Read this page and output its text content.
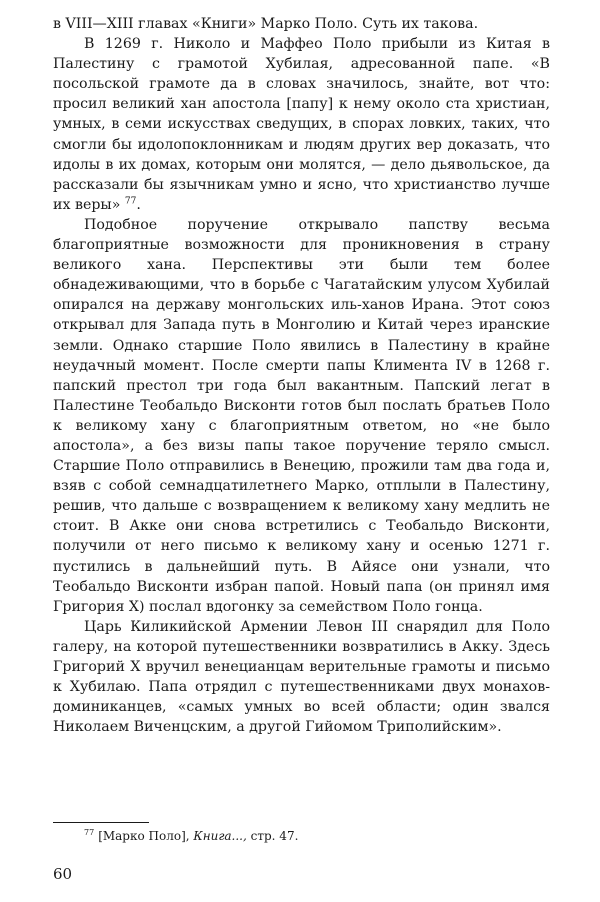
в VIII—XIII главах «Книги» Марко Поло. Суть их такова.

В 1269 г. Николо и Маффео Поло прибыли из Китая в Палестину с грамотой Хубилая, адресованной папе. «В посольской грамоте да в словах значилось, знайте, вот что: просил великий хан апостола [папу] к нему около ста христиан, умных, в семи искусствах сведущих, в спорах ловких, таких, что смогли бы идолопоклонникам и людям других вер доказать, что идолы в их домах, которым они молятся, — дело дьявольское, да рассказали бы язычникам умно и ясно, что христианство лучше их веры» $^{77}$.

Подобное поручение открывало папству весьма благоприятные возможности для проникновения в страну великого хана. Перспективы эти были тем более обнадеживающими, что в борьбе с Чагатайским улусом Хубилай опирался на державу монгольских иль-ханов Ирана. Этот союз открывал для Запада путь в Монголию и Китай через иранские земли. Однако старшие Поло явились в Палестину в крайне неудачный момент. После смерти папы Климента IV в 1268 г. папский престол три года был вакантным. Папский легат в Палестине Теобальдо Висконти готов был послать братьев Поло к великому хану с благоприятным ответом, но «не было апостола», а без визы папы такое поручение теряло смысл. Старшие Поло отправились в Венецию, прожили там два года и, взяв с собой семнадцатилетнего Марко, отплыли в Палестину, решив, что дальше с возвращением к великому хану медлить не стоит. В Акке они снова встретились с Теобальдо Висконти, получили от него письмо к великому хану и осенью 1271 г. пустились в дальнейший путь. В Айясе они узнали, что Теобальдо Висконти избран папой. Новый папа (он принял имя Григория X) послал вдогонку за семейством Поло гонца.

Царь Киликийской Армении Левон III снарядил для Поло галеру, на которой путешественники возвратились в Акку. Здесь Григорий X вручил венецианцам верительные грамоты и письмо к Хубилаю. Папа отрядил с путешественниками двух монахов-доминиканцев, «самых умных во всей области; один звался Николаем Виченцским, а другой Гийомом Триполийским».

$^{77}$ [Марко Поло], Книга..., стр. 47.
60
